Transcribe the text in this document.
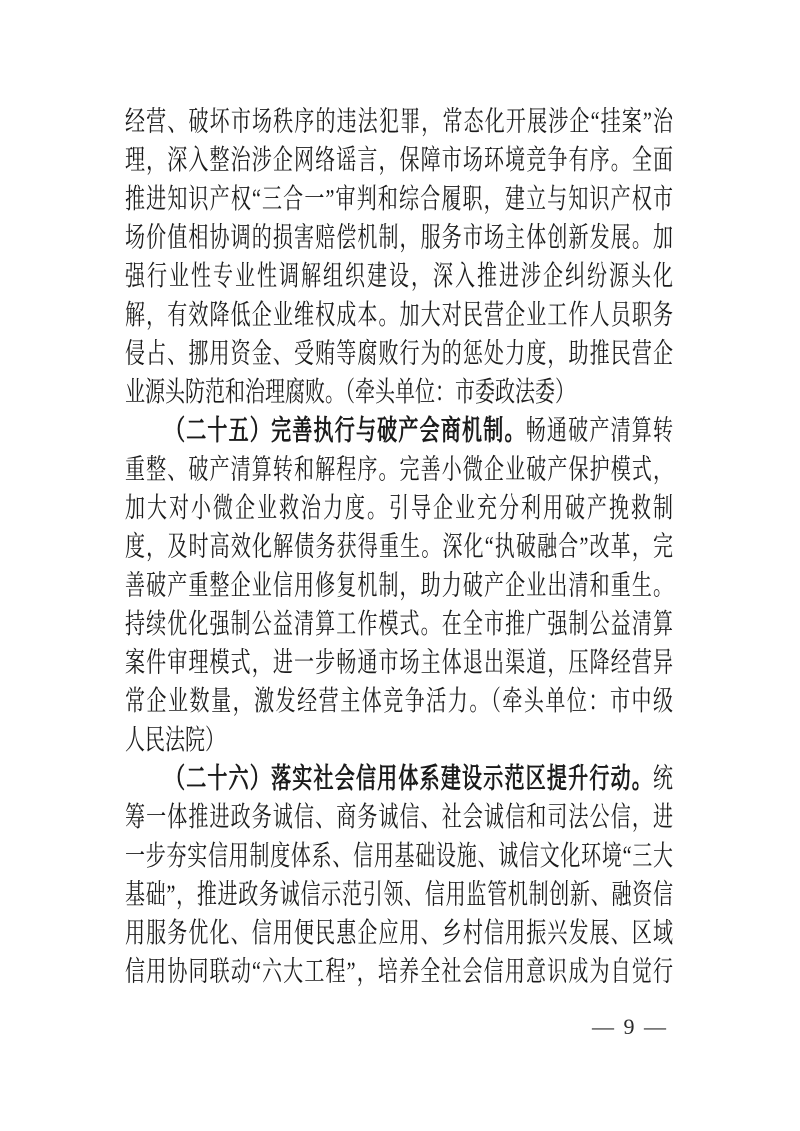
经营、破坏市场秩序的违法犯罪，常态化开展涉企“挂案”治
理，深入整治涉企网络谣言，保障市场环境竞争有序。全面
推进知识产权“三合一”审判和综合履职，建立与知识产权市
场价值相协调的损害赔偿机制，服务市场主体创新发展。加
强行业性专业性调解组织建设，深入推进涉企纠纷源头化
解，有效降低企业维权成本。加大对民营企业工作人员职务
侵占、挪用资金、受贿等腐败行为的惩处力度，助推民营企
业源头防范和治理腐败。（牵头单位：市委政法委）
（二十五）完善执行与破产会商机制。畅通破产清算转
重整、破产清算转和解程序。完善小微企业破产保护模式，
加大对小微企业救治力度。引导企业充分利用破产挽救制
度，及时高效化解债务获得重生。深化“执破融合”改革，完
善破产重整企业信用修复机制，助力破产企业出清和重生。
持续优化强制公益清算工作模式。在全市推广强制公益清算
案件审理模式，进一步畅通市场主体退出渠道，压降经营异
常企业数量，激发经营主体竞争活力。（牵头单位：市中级
人民法院）
（二十六）落实社会信用体系建设示范区提升行动。统
筹一体推进政务诚信、商务诚信、社会诚信和司法公信，进
一步夯实信用制度体系、信用基础设施、诚信文化环境“三大
基础”，推进政务诚信示范引领、信用监管机制创新、融资信
用服务优化、信用便民惠企应用、乡村信用振兴发展、区域
信用协同联动“六大工程”，培养全社会信用意识成为自觉行
— 9 —
